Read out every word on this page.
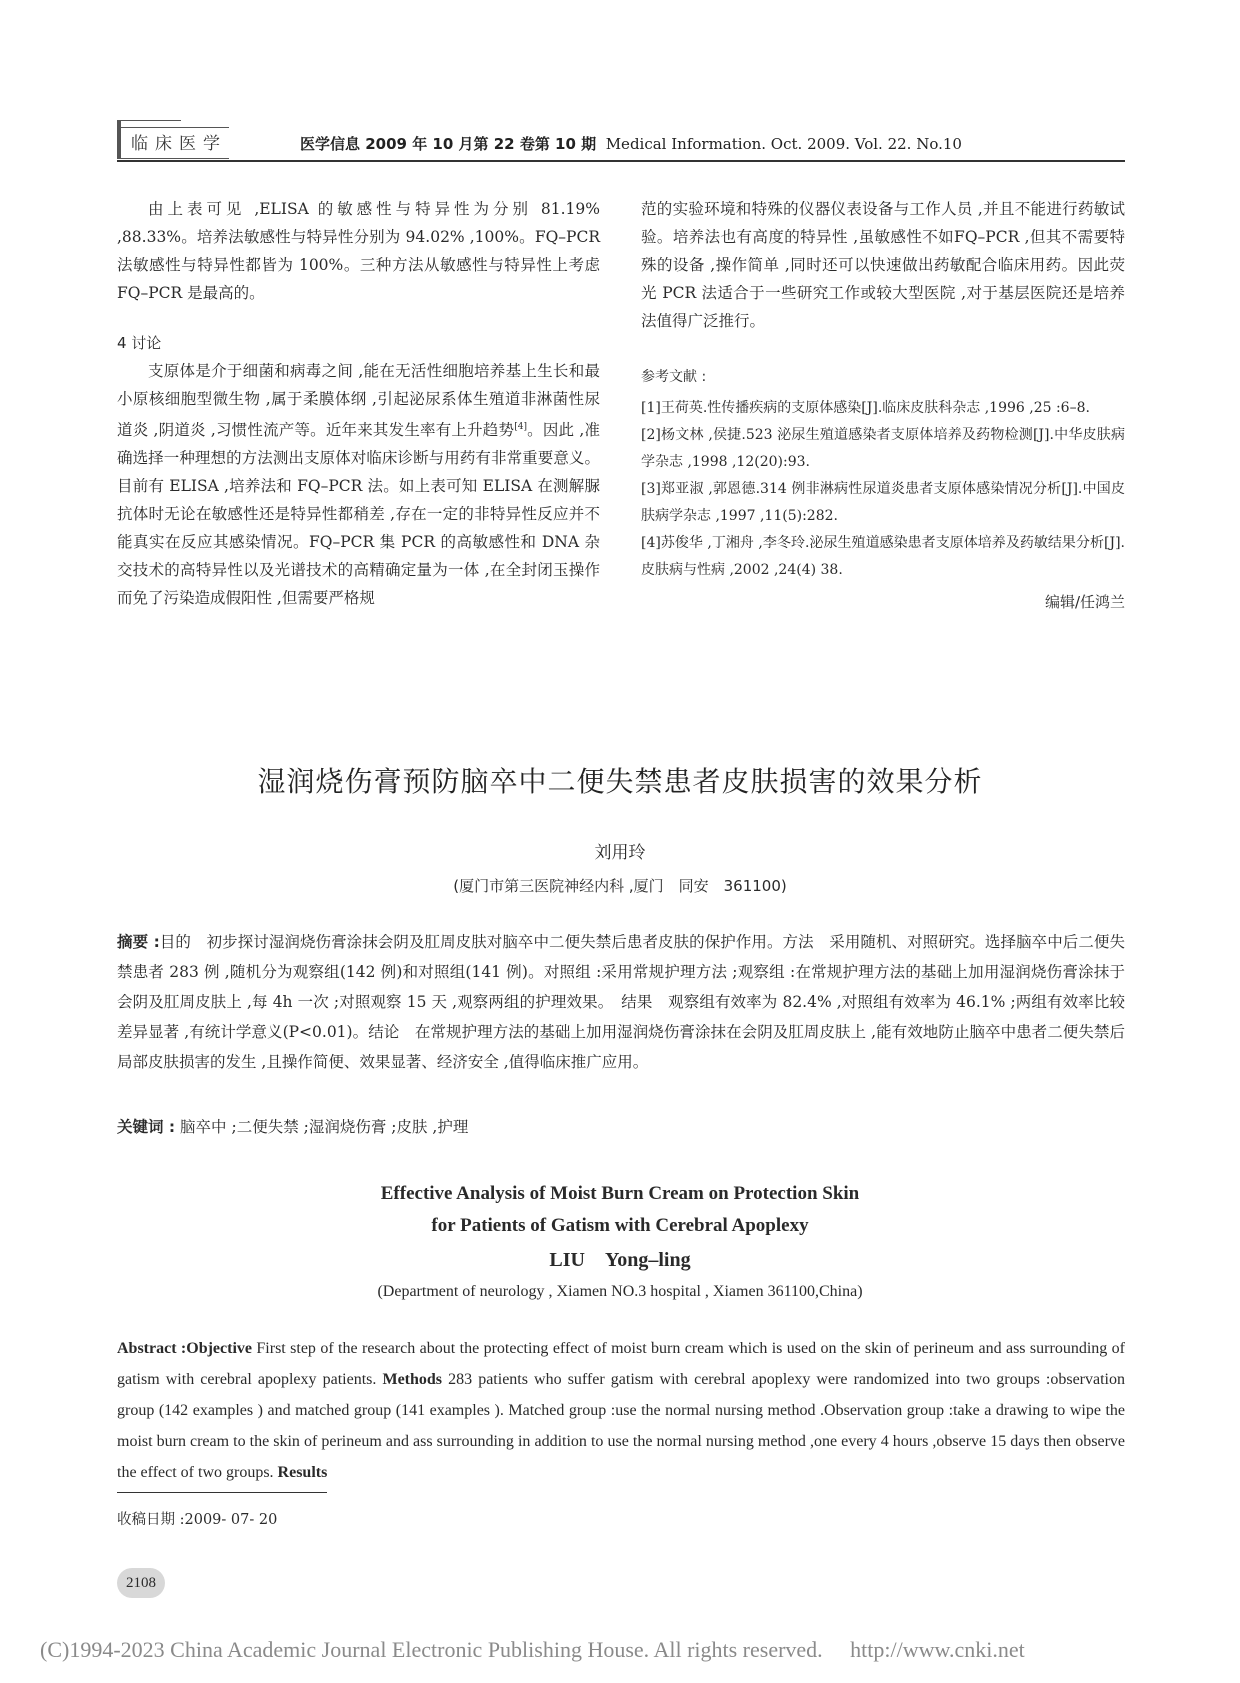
临床医学	医学信息 2009 年 10 月第 22 卷第 10 期 Medical Information. Oct. 2009. Vol. 22. No.10

由上表可见 ,ELISA 的敏感性与特异性为分别 81.19% ,88.33%。培养法敏感性与特异性分别为 94.02% ,100%。FQ–PCR 法敏感性与特异性都皆为 100%。三种方法从敏感性与特异性上考虑 FQ–PCR 是最高的。

4 讨论

支原体是介于细菌和病毒之间 ,能在无活性细胞培养基上生长和最小原核细胞型微生物 ,属于柔膜体纲 ,引起泌尿系体生殖道非淋菌性尿道炎 ,阴道炎 ,习惯性流产等。近年来其发生率有上升趋势[4]。因此 ,准确选择一种理想的方法测出支原体对临床诊断与用药有非常重要意义。目前有 ELISA ,培养法和 FQ–PCR 法。如上表可知 ELISA 在测解脲抗体时无论在敏感性还是特异性都稍差 ,存在一定的非特异性反应并不能真实在反应其感染情况。FQ–PCR 集 PCR 的高敏感性和 DNA 杂交技术的高特异性以及光谱技术的高精确定量为一体 ,在全封闭玉操作而免了污染造成假阳性 ,但需要严格规

范的实验环境和特殊的仪器仪表设备与工作人员 ,并且不能进行药敏试验。培养法也有高度的特异性 ,虽敏感性不如FQ–PCR ,但其不需要特殊的设备 ,操作简单 ,同时还可以快速做出药敏配合临床用药。因此荧光 PCR 法适合于一些研究工作或较大型医院 ,对于基层医院还是培养法值得广泛推行。

参考文献 :

[1]王荷英.性传播疾病的支原体感染[J].临床皮肤科杂志 ,1996 ,25 :6–8.

[2]杨文林 ,侯捷.523 泌尿生殖道感染者支原体培养及药物检测[J].中华皮肤病学杂志 ,1998 ,12(20):93.

[3]郑亚淑 ,郭恩德.314 例非淋病性尿道炎患者支原体感染情况分析[J].中国皮肤病学杂志 ,1997 ,11(5):282.

[4]苏俊华 ,丁湘舟 ,李冬玲.泌尿生殖道感染患者支原体培养及药敏结果分析[J].皮肤病与性病 ,2002 ,24(4) 38.

编辑/任鸿兰

湿润烧伤膏预防脑卒中二便失禁患者皮肤损害的效果分析
刘用玲
(厦门市第三医院神经内科 ,厦门　同安　361100)
摘要 :目的　初步探讨湿润烧伤膏涂抹会阴及肛周皮肤对脑卒中二便失禁后患者皮肤的保护作用。方法　采用随机、对照研究。选择脑卒中后二便失禁患者 283 例 ,随机分为观察组(142 例)和对照组(141 例)。对照组 :采用常规护理方法 ;观察组 :在常规护理方法的基础上加用湿润烧伤膏涂抹于会阴及肛周皮肤上 ,每 4h 一次 ;对照观察 15 天 ,观察两组的护理效果。　结果　观察组有效率为 82.4% ,对照组有效率为 46.1% ;两组有效率比较差异显著 ,有统计学意义(P<0.01)。结论　在常规护理方法的基础上加用湿润烧伤膏涂抹在会阴及肛周皮肤上 ,能有效地防止脑卒中患者二便失禁后局部皮肤损害的发生 ,且操作简便、效果显著、经济安全 ,值得临床推广应用。
关键词 : 脑卒中 ;二便失禁 ;湿润烧伤膏 ;皮肤 ,护理
Effective Analysis of Moist Burn Cream on Protection Skin
for Patients of Gatism with Cerebral Apoplexy
LIU　Yong–ling
(Department of neurology , Xiamen NO.3 hospital , Xiamen 361100,China)
Abstract :Objective First step of the research about the protecting effect of moist burn cream which is used on the skin of perineum and ass surrounding of gatism with cerebral apoplexy patients. Methods 283 patients who suffer gatism with cerebral apoplexy were randomized into two groups :observation group (142 examples ) and matched group (141 examples ). Matched group :use the normal nursing method .Observation group :take a drawing to wipe the moist burn cream to the skin of perineum and ass surrounding in addition to use the normal nursing method ,one every 4 hours ,observe 15 days then observe the effect of two groups. Results
收稿日期 :2009- 07- 20
2108
(C)1994-2023 China Academic Journal Electronic Publishing House. All rights reserved.　 http://www.cnki.net
